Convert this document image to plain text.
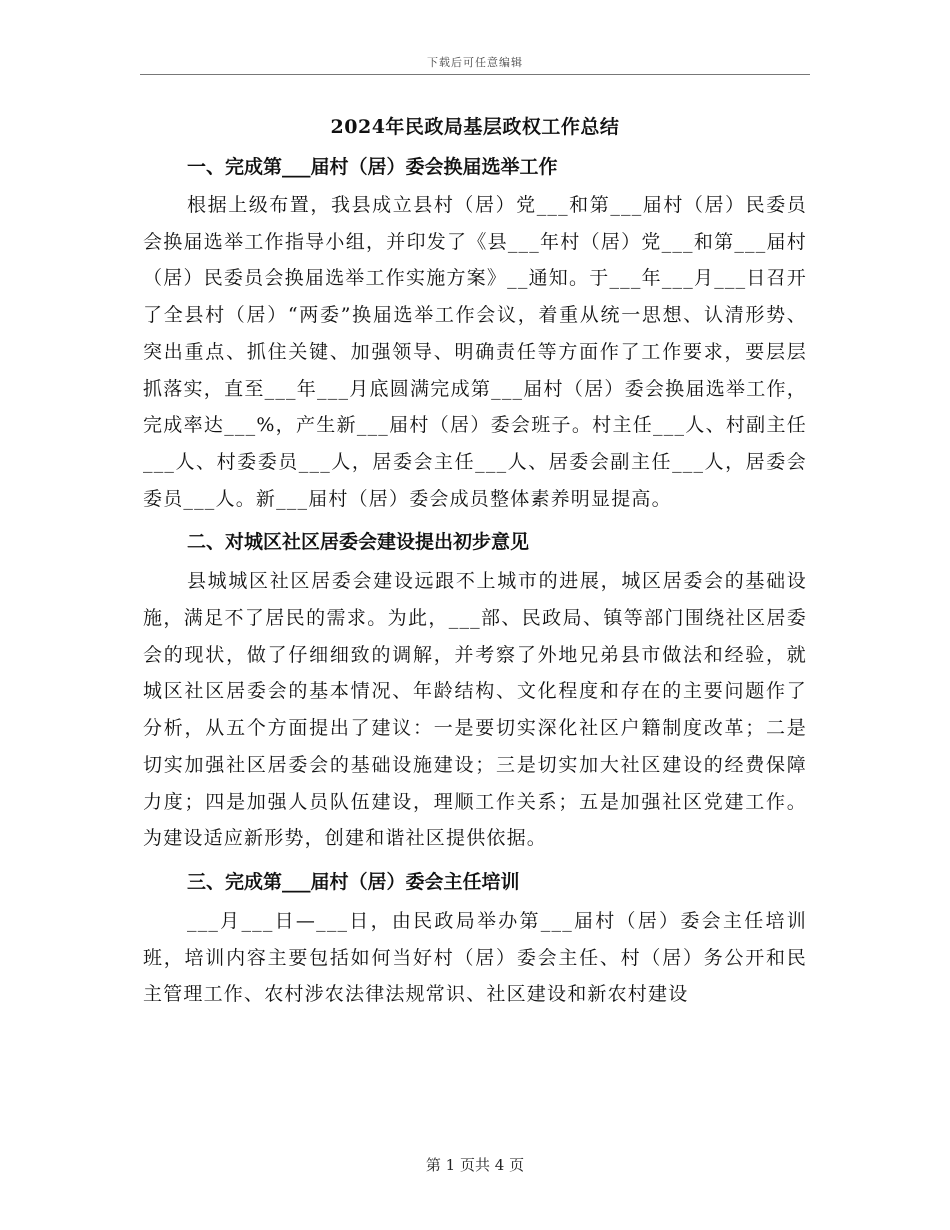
下载后可任意编辑
2024年民政局基层政权工作总结
一、完成第___届村（居）委会换届选举工作

根据上级布置，我县成立县村（居）党___和第___届村（居）民委员会换届选举工作指导小组，并印发了《县___年村（居）党___和第___届村（居）民委员会换届选举工作实施方案》__通知。于___年___月___日召开了全县村（居）“两委”换届选举工作会议，着重从统一思想、认清形势、突出重点、抓住关键、加强领导、明确责任等方面作了工作要求，要层层抓落实，直至___年___月底圆满完成第___届村（居）委会换届选举工作，完成率达___%，产生新___届村（居）委会班子。村主任___人、村副主任___人、村委委员___人，居委会主任___人、居委会副主任___人，居委会委员___人。新___届村（居）委会成员整体素养明显提高。

二、对城区社区居委会建设提出初步意见

县城城区社区居委会建设远跟不上城市的进展，城区居委会的基础设施，满足不了居民的需求。为此，___部、民政局、镇等部门围绕社区居委会的现状，做了仔细细致的调解，并考察了外地兄弟县市做法和经验，就城区社区居委会的基本情况、年龄结构、文化程度和存在的主要问题作了分析，从五个方面提出了建议：一是要切实深化社区户籍制度改革；二是切实加强社区居委会的基础设施建设；三是切实加大社区建设的经费保障力度；四是加强人员队伍建设，理顺工作关系；五是加强社区党建工作。为建设适应新形势，创建和谐社区提供依据。

三、完成第___届村（居）委会主任培训

___月___日—___日，由民政局举办第___届村（居）委会主任培训班，培训内容主要包括如何当好村（居）委会主任、村（居）务公开和民主管理工作、农村涉农法律法规常识、社区建设和新农村建设

第 1 页共 4 页
